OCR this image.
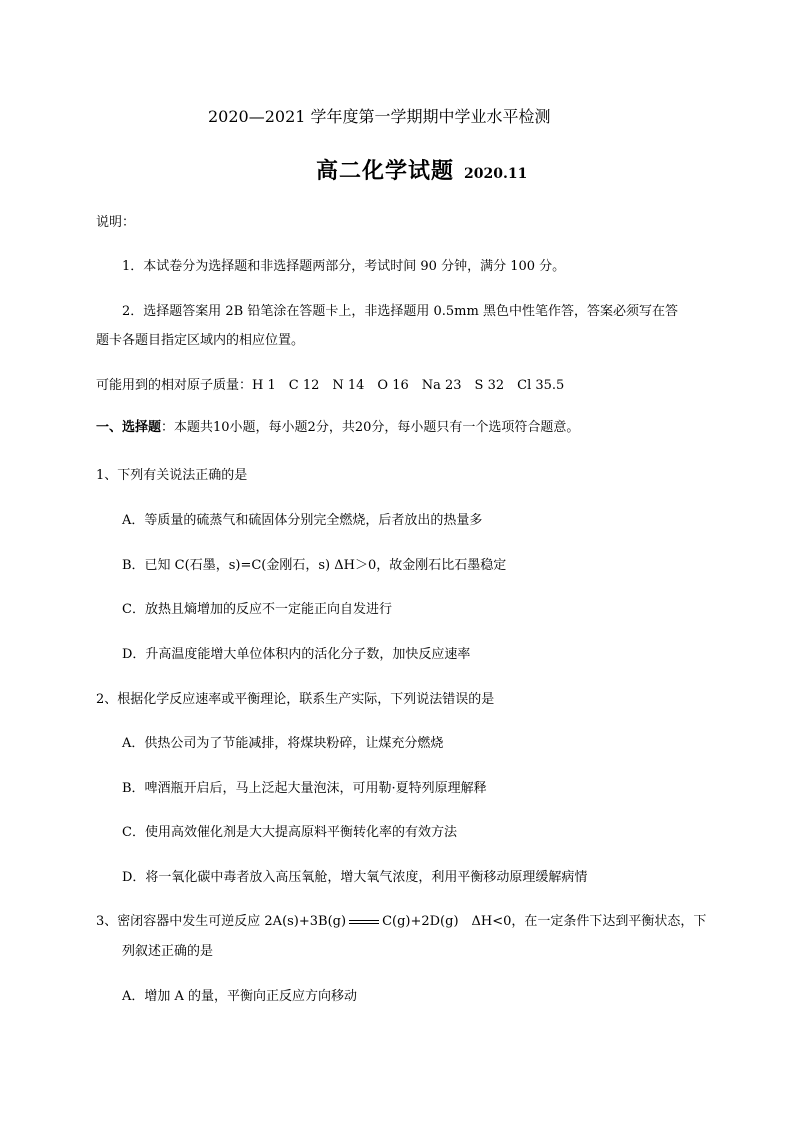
2020—2021 学年度第一学期期中学业水平检测
高二化学试题 2020.11
说明：
1．本试卷分为选择题和非选择题两部分，考试时间 90 分钟，满分 100 分。
2．选择题答案用 2B 铅笔涂在答题卡上，非选择题用 0.5mm 黑色中性笔作答，答案必须写在答
题卡各题目指定区域内的相应位置。
可能用到的相对原子质量：H 1　C 12　N 14　O 16　Na 23　S 32　Cl 35.5
一、选择题：本题共10小题，每小题2分，共20分，每小题只有一个选项符合题意。
1、下列有关说法正确的是
A．等质量的硫蒸气和硫固体分别完全燃烧，后者放出的热量多
B．已知 C(石墨，s)=C(金刚石，s) ΔH＞0，故金刚石比石墨稳定
C．放热且熵增加的反应不一定能正向自发进行
D．升高温度能增大单位体积内的活化分子数，加快反应速率
2、根据化学反应速率或平衡理论，联系生产实际，下列说法错误的是
A．供热公司为了节能减排，将煤块粉碎，让煤充分燃烧
B．啤酒瓶开启后，马上泛起大量泡沫，可用勒·夏特列原理解释
C．使用高效催化剂是大大提高原料平衡转化率的有效方法
D．将一氧化碳中毒者放入高压氧舱，增大氧气浓度，利用平衡移动原理缓解病情
3、密闭容器中发生可逆反应 2A(s)+3B(g)	C(g)+2D(g)　ΔH<0，在一定条件下达到平衡状态，下
列叙述正确的是
A．增加 A 的量，平衡向正反应方向移动
